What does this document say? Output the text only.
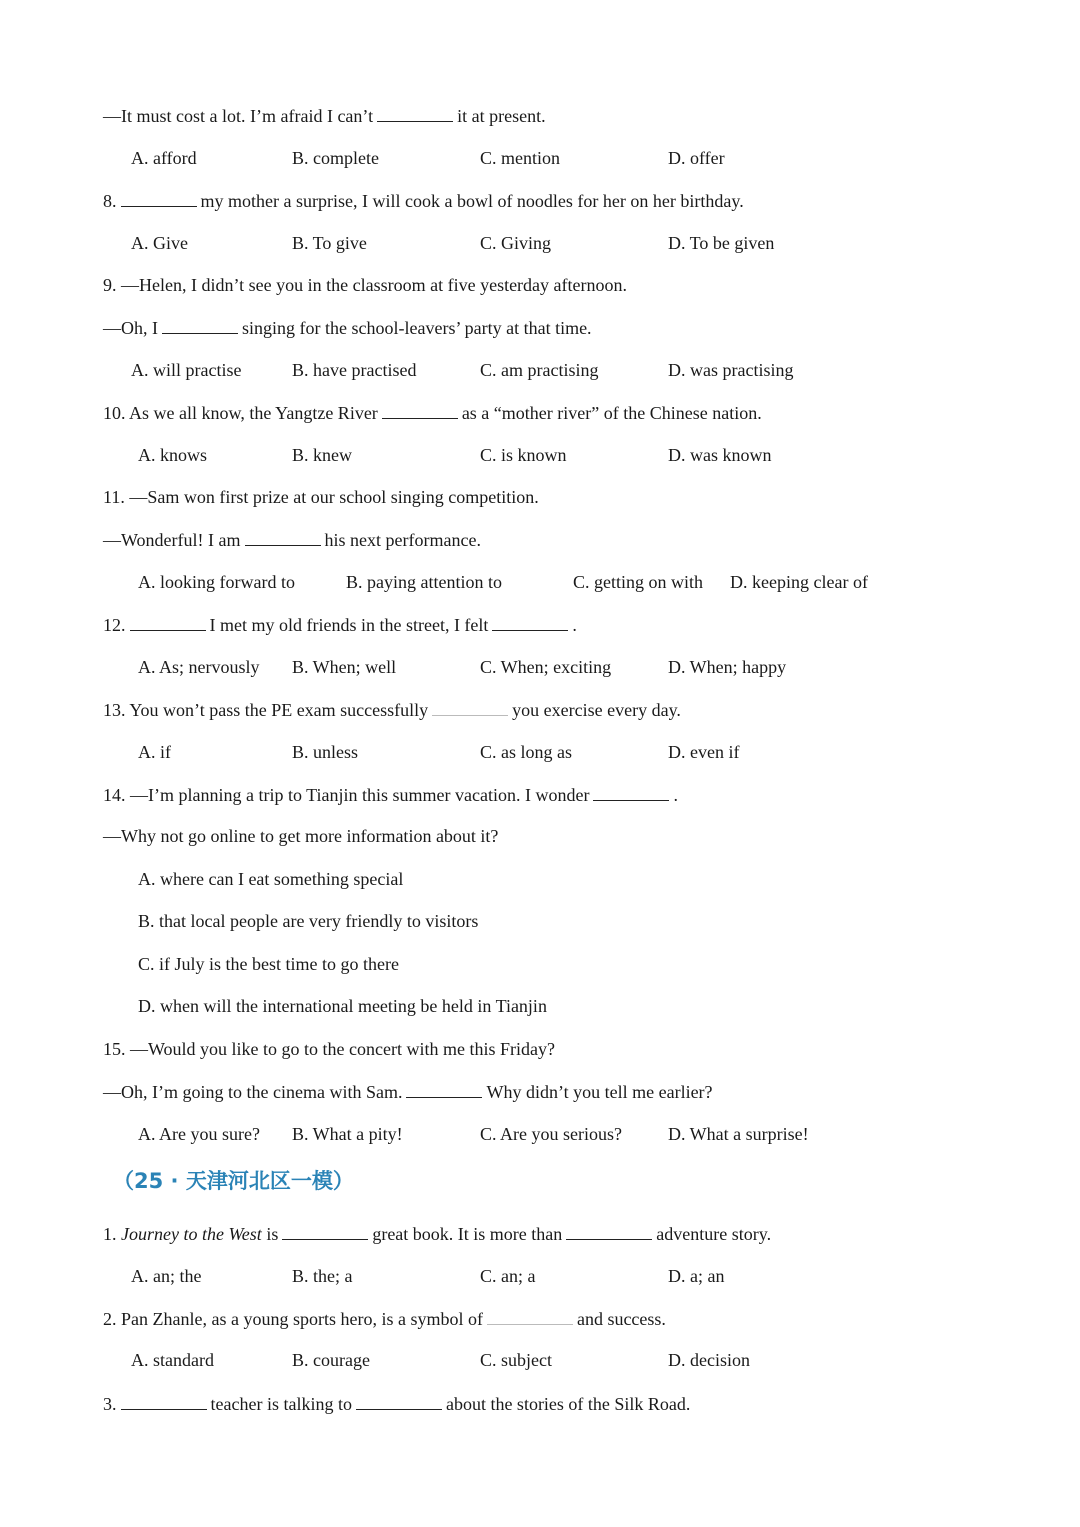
—It must cost a lot. I’m afraid I can’t	it at present.
A. afford	B. complete	C. mention	D. offer
8.	my mother a surprise, I will cook a bowl of noodles for her on her birthday.
A. Give	B. To give	C. Giving	D. To be given
9. —Helen, I didn’t see you in the classroom at five yesterday afternoon.
—Oh, I	singing for the school-leavers’ party at that time.
A. will practise	B. have practised	C. am practising	D. was practising
10. As we all know, the Yangtze River	as a “mother river” of the Chinese nation.
A. knows	B. knew	C. is known	D. was known
11. —Sam won first prize at our school singing competition.
—Wonderful! I am	his next performance.
A. looking forward to	B. paying attention to	C. getting on with D. keeping clear of
12.	I met my old friends in the street, I felt	.
A. As; nervously B. When; well	C. When; exciting	D. When; happy
13. You won’t pass the PE exam successfully	you exercise every day.
A. if	B. unless	C. as long as	D. even if
14. —I’m planning a trip to Tianjin this summer vacation. I wonder	.
—Why not go online to get more information about it?
A. where can I eat something special
B. that local people are very friendly to visitors
C. if July is the best time to go there
D. when will the international meeting be held in Tianjin
15. —Would you like to go to the concert with me this Friday?
—Oh, I’m going to the cinema with Sam.	Why didn’t you tell me earlier?
A. Are you sure? B. What a pity!	C. Are you serious?	D. What a surprise!
（25 · 天津河北区一模）
1. Journey to the West is	great book. It is more than	adventure story.
A. an; the	B. the; a	C. an; a	D. a; an
2. Pan Zhanle, as a young sports hero, is a symbol of	and success.
A. standard	B. courage	C. subject	D. decision
3.	teacher is talking to	about the stories of the Silk Road.
